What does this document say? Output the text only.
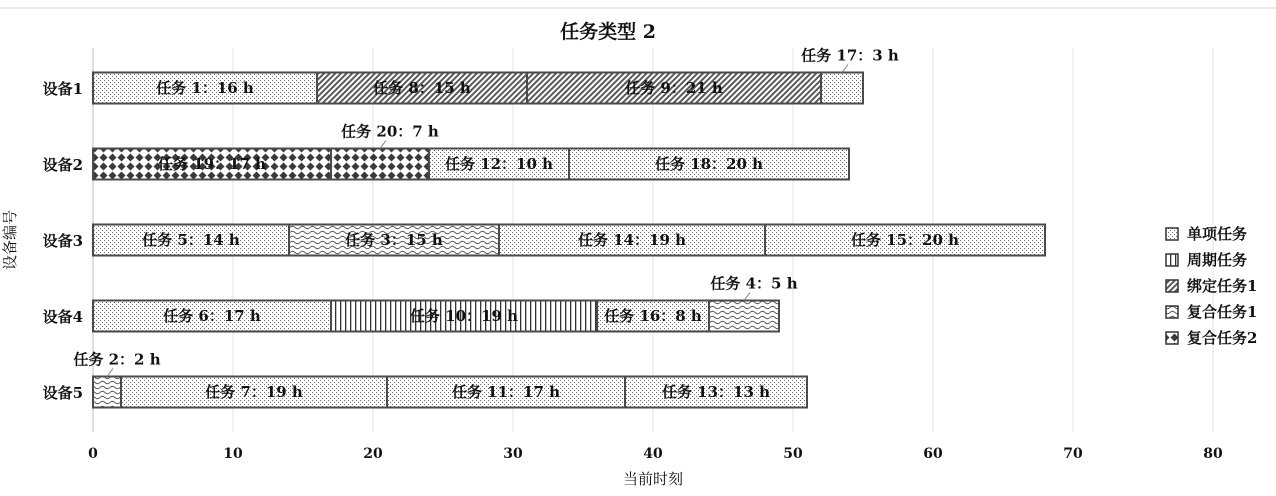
任务类型 2
0	10	20	30	40	50	60	70	80
设备1
设备2
设备3
设备4
设备5
任务 1：16 h	任务 8：15 h	任务 9：21 h
任务 17：3 h
任务 19：17 h
任务 20：7 h
任务 12：10 h	任务 18：20 h
任务 5：14 h	任务 3：15 h	任务 14：19 h	任务 15：20 h
任务 6：17 h	任务 10：19 h	任务 16：8 h
任务 4：5 h
任务 2：2 h
任务 7：19 h	任务 11：17 h	任务 13：13 h
单项任务
周期任务
绑定任务1
复合任务1
复合任务2
当前时刻
设备编号
